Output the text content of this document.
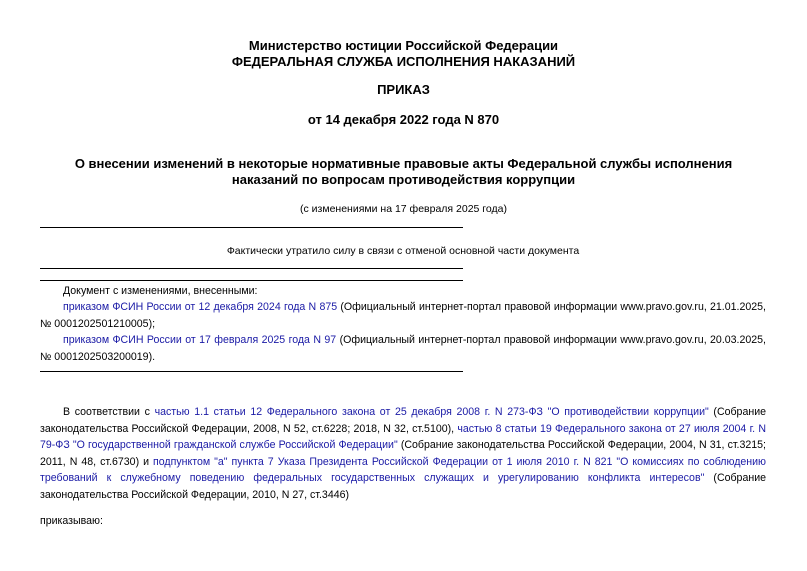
Министерство юстиции Российской Федерации
ФЕДЕРАЛЬНАЯ СЛУЖБА ИСПОЛНЕНИЯ НАКАЗАНИЙ
ПРИКАЗ
от 14 декабря 2022 года N 870
О внесении изменений в некоторые нормативные правовые акты Федеральной службы исполнения
наказаний по вопросам противодействия коррупции
(с изменениями на 17 февраля 2025 года)
Фактически утратило силу в связи с отменой основной части документа
Документ с изменениями, внесенными:
приказом ФСИН России от 12 декабря 2024 года N 875 (Официальный интернет-портал правовой информации www.pravo.gov.ru, 21.01.2025, № 0001202501210005);
приказом ФСИН России от 17 февраля 2025 года N 97 (Официальный интернет-портал правовой информации www.pravo.gov.ru, 20.03.2025, № 0001202503200019).
В соответствии с частью 1.1 статьи 12 Федерального закона от 25 декабря 2008 г. N 273-ФЗ "О противодействии коррупции" (Собрание законодательства Российской Федерации, 2008, N 52, ст.6228; 2018, N 32, ст.5100), частью 8 статьи 19 Федерального закона от 27 июля 2004 г. N 79-ФЗ "О государственной гражданской службе Российской Федерации" (Собрание законодательства Российской Федерации, 2004, N 31, ст.3215; 2011, N 48, ст.6730) и подпунктом "а" пункта 7 Указа Президента Российской Федерации от 1 июля 2010 г. N 821 "О комиссиях по соблюдению требований к служебному поведению федеральных государственных служащих и урегулированию конфликта интересов" (Собрание законодательства Российской Федерации, 2010, N 27, ст.3446)
приказываю:
